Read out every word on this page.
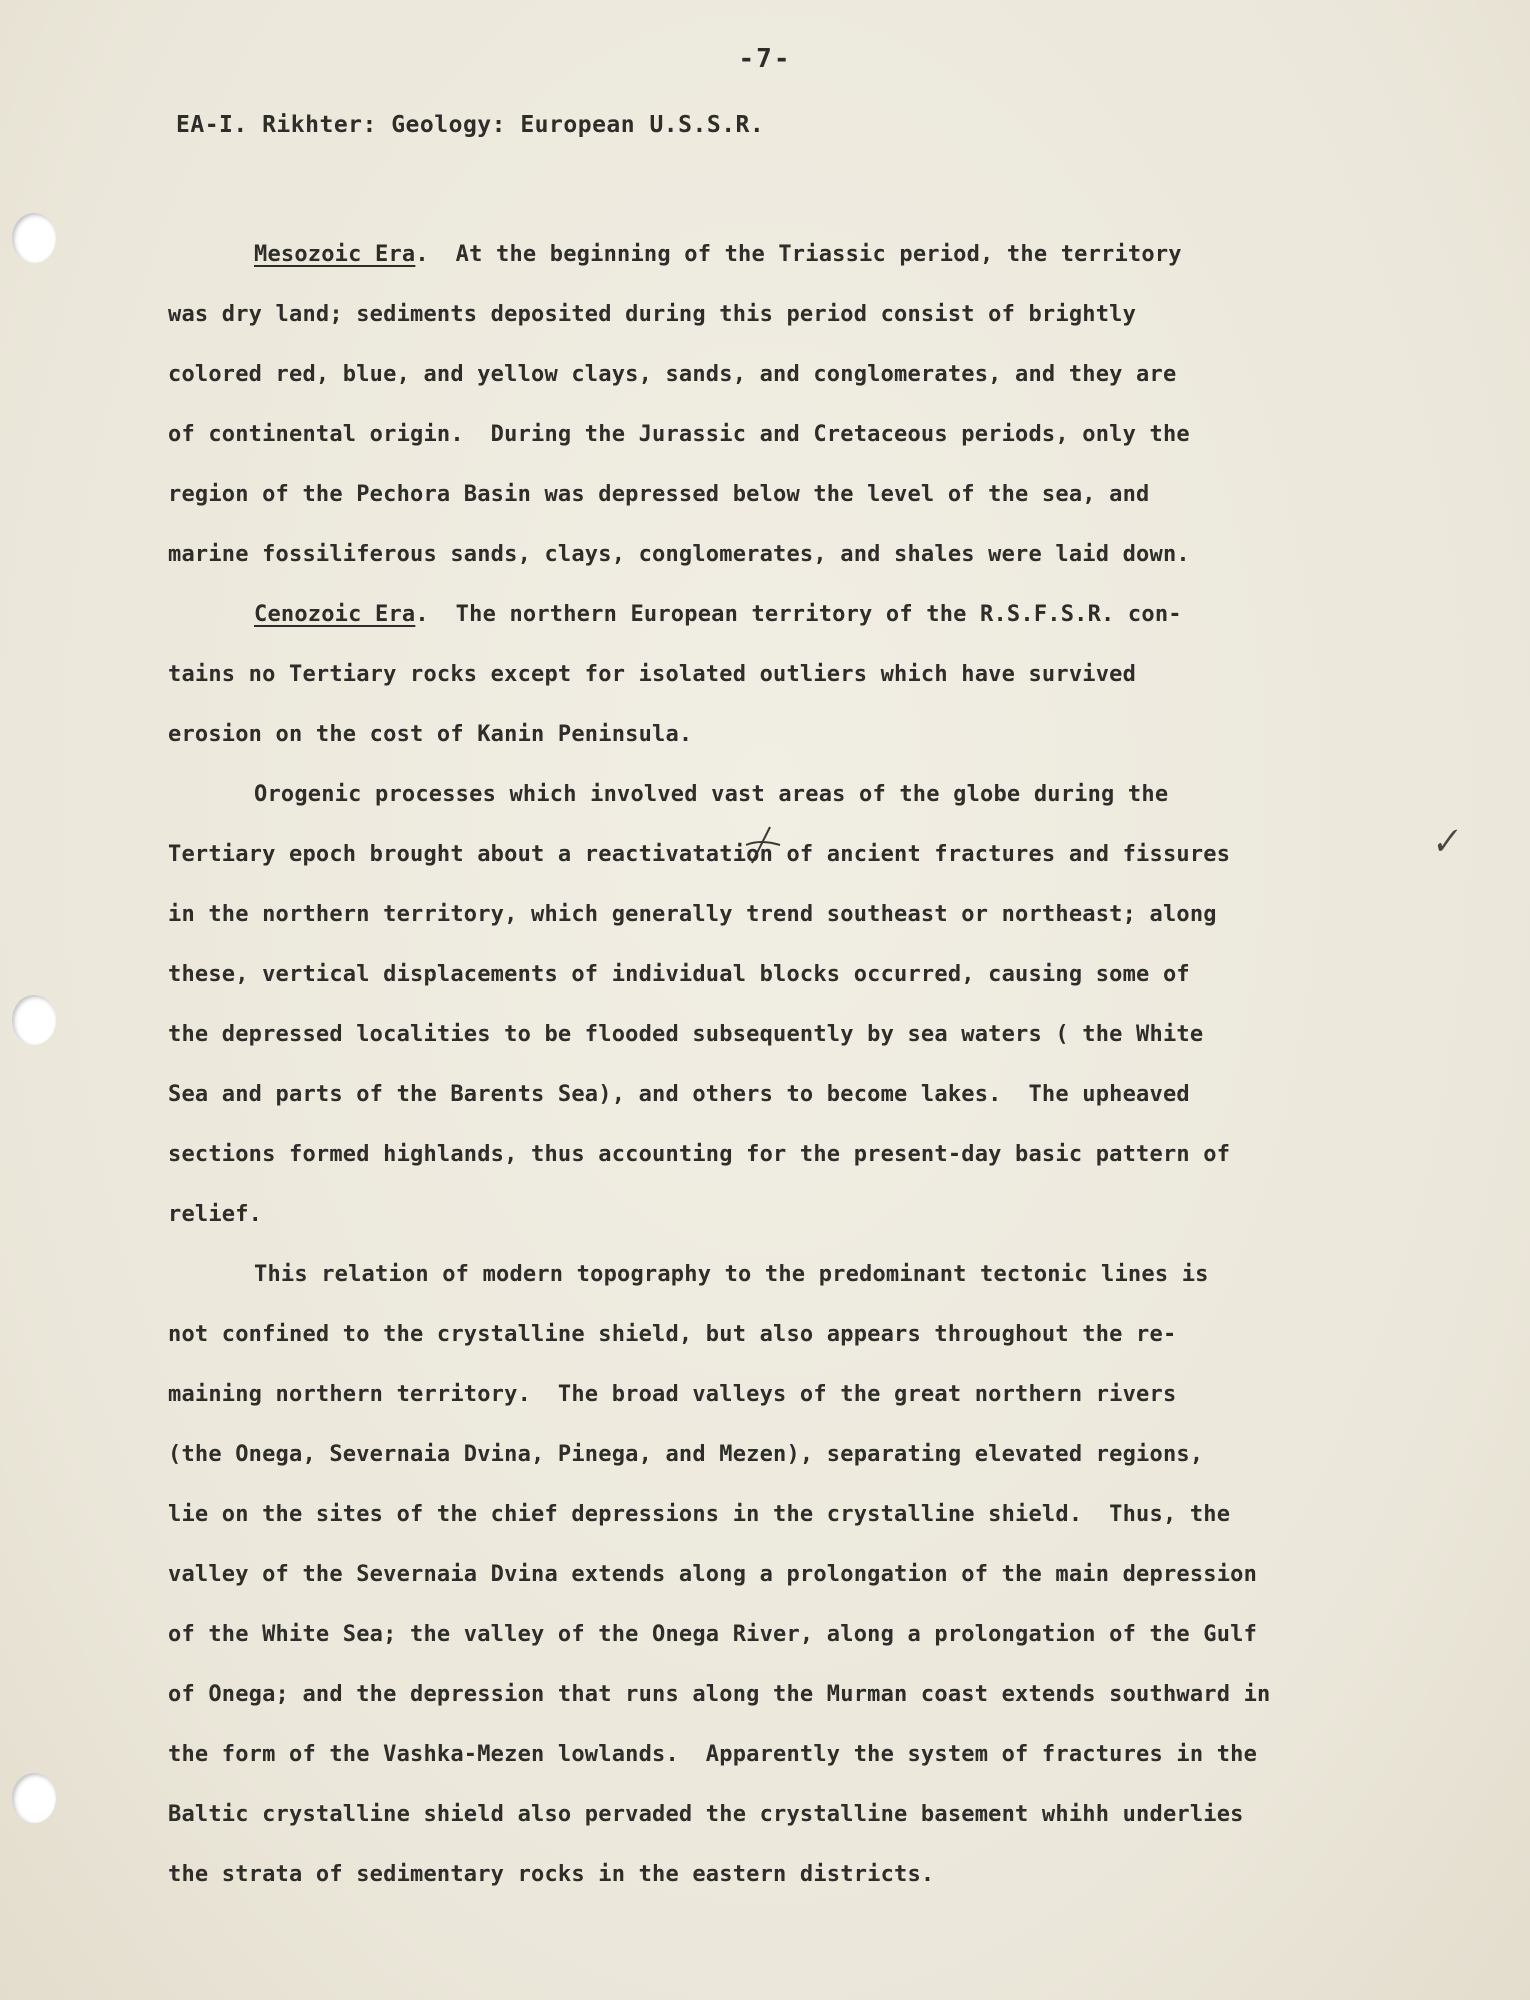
-7-
EA-I. Rikhter: Geology: European U.S.S.R.
✓
Mesozoic Era.  At the beginning of the Triassic period, the territory
was dry land; sediments deposited during this period consist of brightly
colored red, blue, and yellow clays, sands, and conglomerates, and they are
of continental origin.  During the Jurassic and Cretaceous periods, only the
region of the Pechora Basin was depressed below the level of the sea, and
marine fossiliferous sands, clays, conglomerates, and shales were laid down.
Cenozoic Era.  The northern European territory of the R.S.F.S.R. con-
tains no Tertiary rocks except for isolated outliers which have survived
erosion on the cost of Kanin Peninsula.
Orogenic processes which involved vast areas of the globe during the
Tertiary epoch brought about a reactivatation of ancient fractures and fissures
in the northern territory, which generally trend southeast or northeast; along
these, vertical displacements of individual blocks occurred, causing some of
the depressed localities to be flooded subsequently by sea waters ( the White
Sea and parts of the Barents Sea), and others to become lakes.  The upheaved
sections formed highlands, thus accounting for the present-day basic pattern of
relief.
This relation of modern topography to the predominant tectonic lines is
not confined to the crystalline shield, but also appears throughout the re-
maining northern territory.  The broad valleys of the great northern rivers
(the Onega, Severnaia Dvina, Pinega, and Mezen), separating elevated regions,
lie on the sites of the chief depressions in the crystalline shield.  Thus, the
valley of the Severnaia Dvina extends along a prolongation of the main depression
of the White Sea; the valley of the Onega River, along a prolongation of the Gulf
of Onega; and the depression that runs along the Murman coast extends southward in
the form of the Vashka-Mezen lowlands.  Apparently the system of fractures in the
Baltic crystalline shield also pervaded the crystalline basement whihh underlies
the strata of sedimentary rocks in the eastern districts.
